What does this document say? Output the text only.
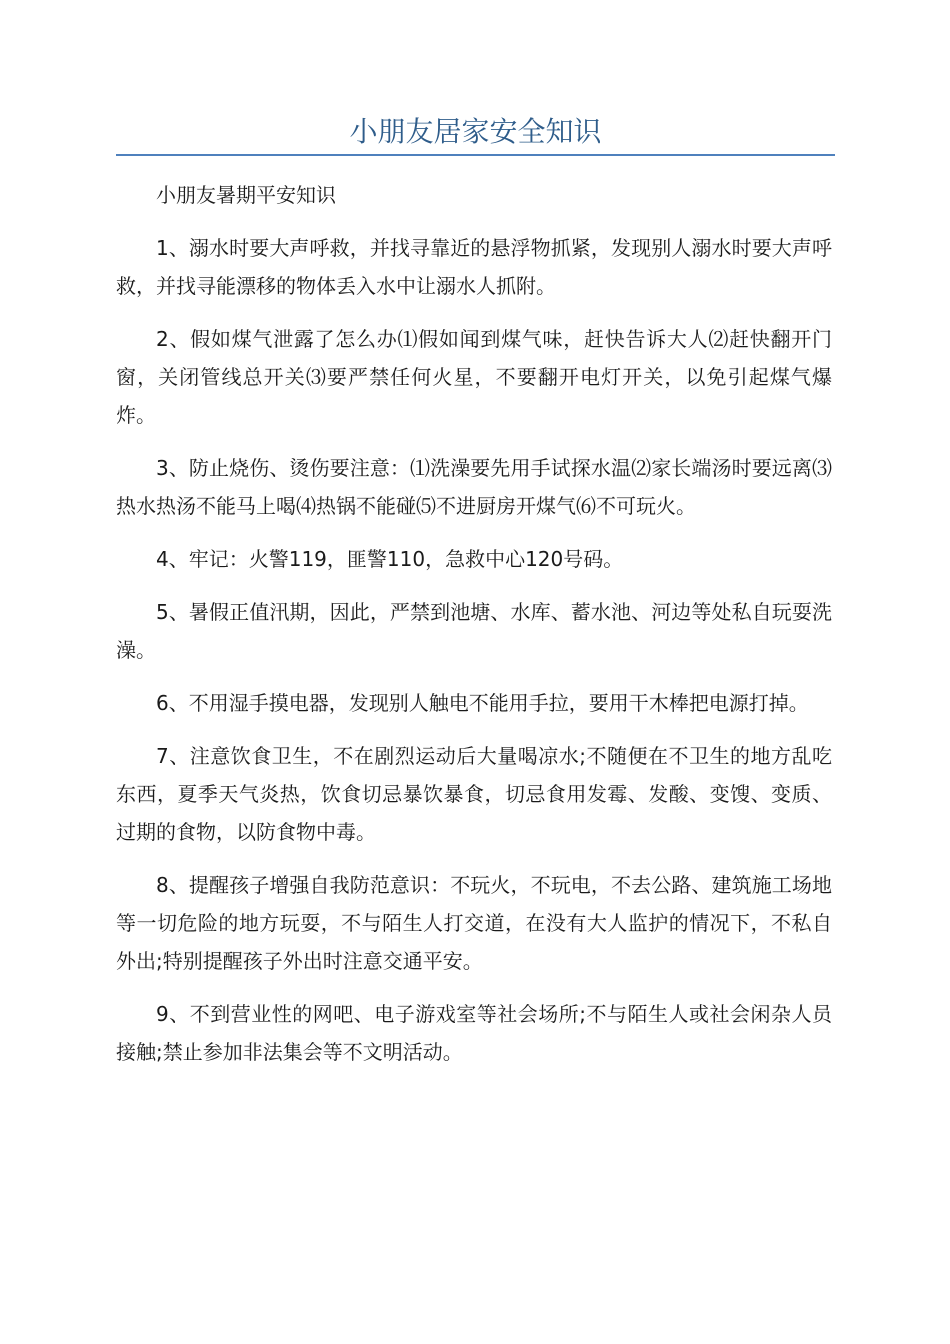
小朋友居家安全知识

小朋友暑期平安知识

1、溺水时要大声呼救，并找寻靠近的悬浮物抓紧，发现别人溺水时要大声呼救，并找寻能漂移的物体丢入水中让溺水人抓附。

2、假如煤气泄露了怎么办⑴假如闻到煤气味，赶快告诉大人⑵赶快翻开门窗，关闭管线总开关⑶要严禁任何火星，不要翻开电灯开关，以免引起煤气爆炸。

3、防止烧伤、烫伤要注意：⑴洗澡要先用手试探水温⑵家长端汤时要远离⑶热水热汤不能马上喝⑷热锅不能碰⑸不进厨房开煤气⑹不可玩火。

4、牢记：火警119，匪警110，急救中心120号码。

5、暑假正值汛期，因此，严禁到池塘、水库、蓄水池、河边等处私自玩耍洗澡。

6、不用湿手摸电器，发现别人触电不能用手拉，要用干木棒把电源打掉。

7、注意饮食卫生，不在剧烈运动后大量喝凉水;不随便在不卫生的地方乱吃东西，夏季天气炎热，饮食切忌暴饮暴食，切忌食用发霉、发酸、变馊、变质、过期的食物，以防食物中毒。

8、提醒孩子增强自我防范意识：不玩火，不玩电，不去公路、建筑施工场地等一切危险的地方玩耍，不与陌生人打交道，在没有大人监护的情况下，不私自外出;特别提醒孩子外出时注意交通平安。

9、不到营业性的网吧、电子游戏室等社会场所;不与陌生人或社会闲杂人员接触;禁止参加非法集会等不文明活动。
